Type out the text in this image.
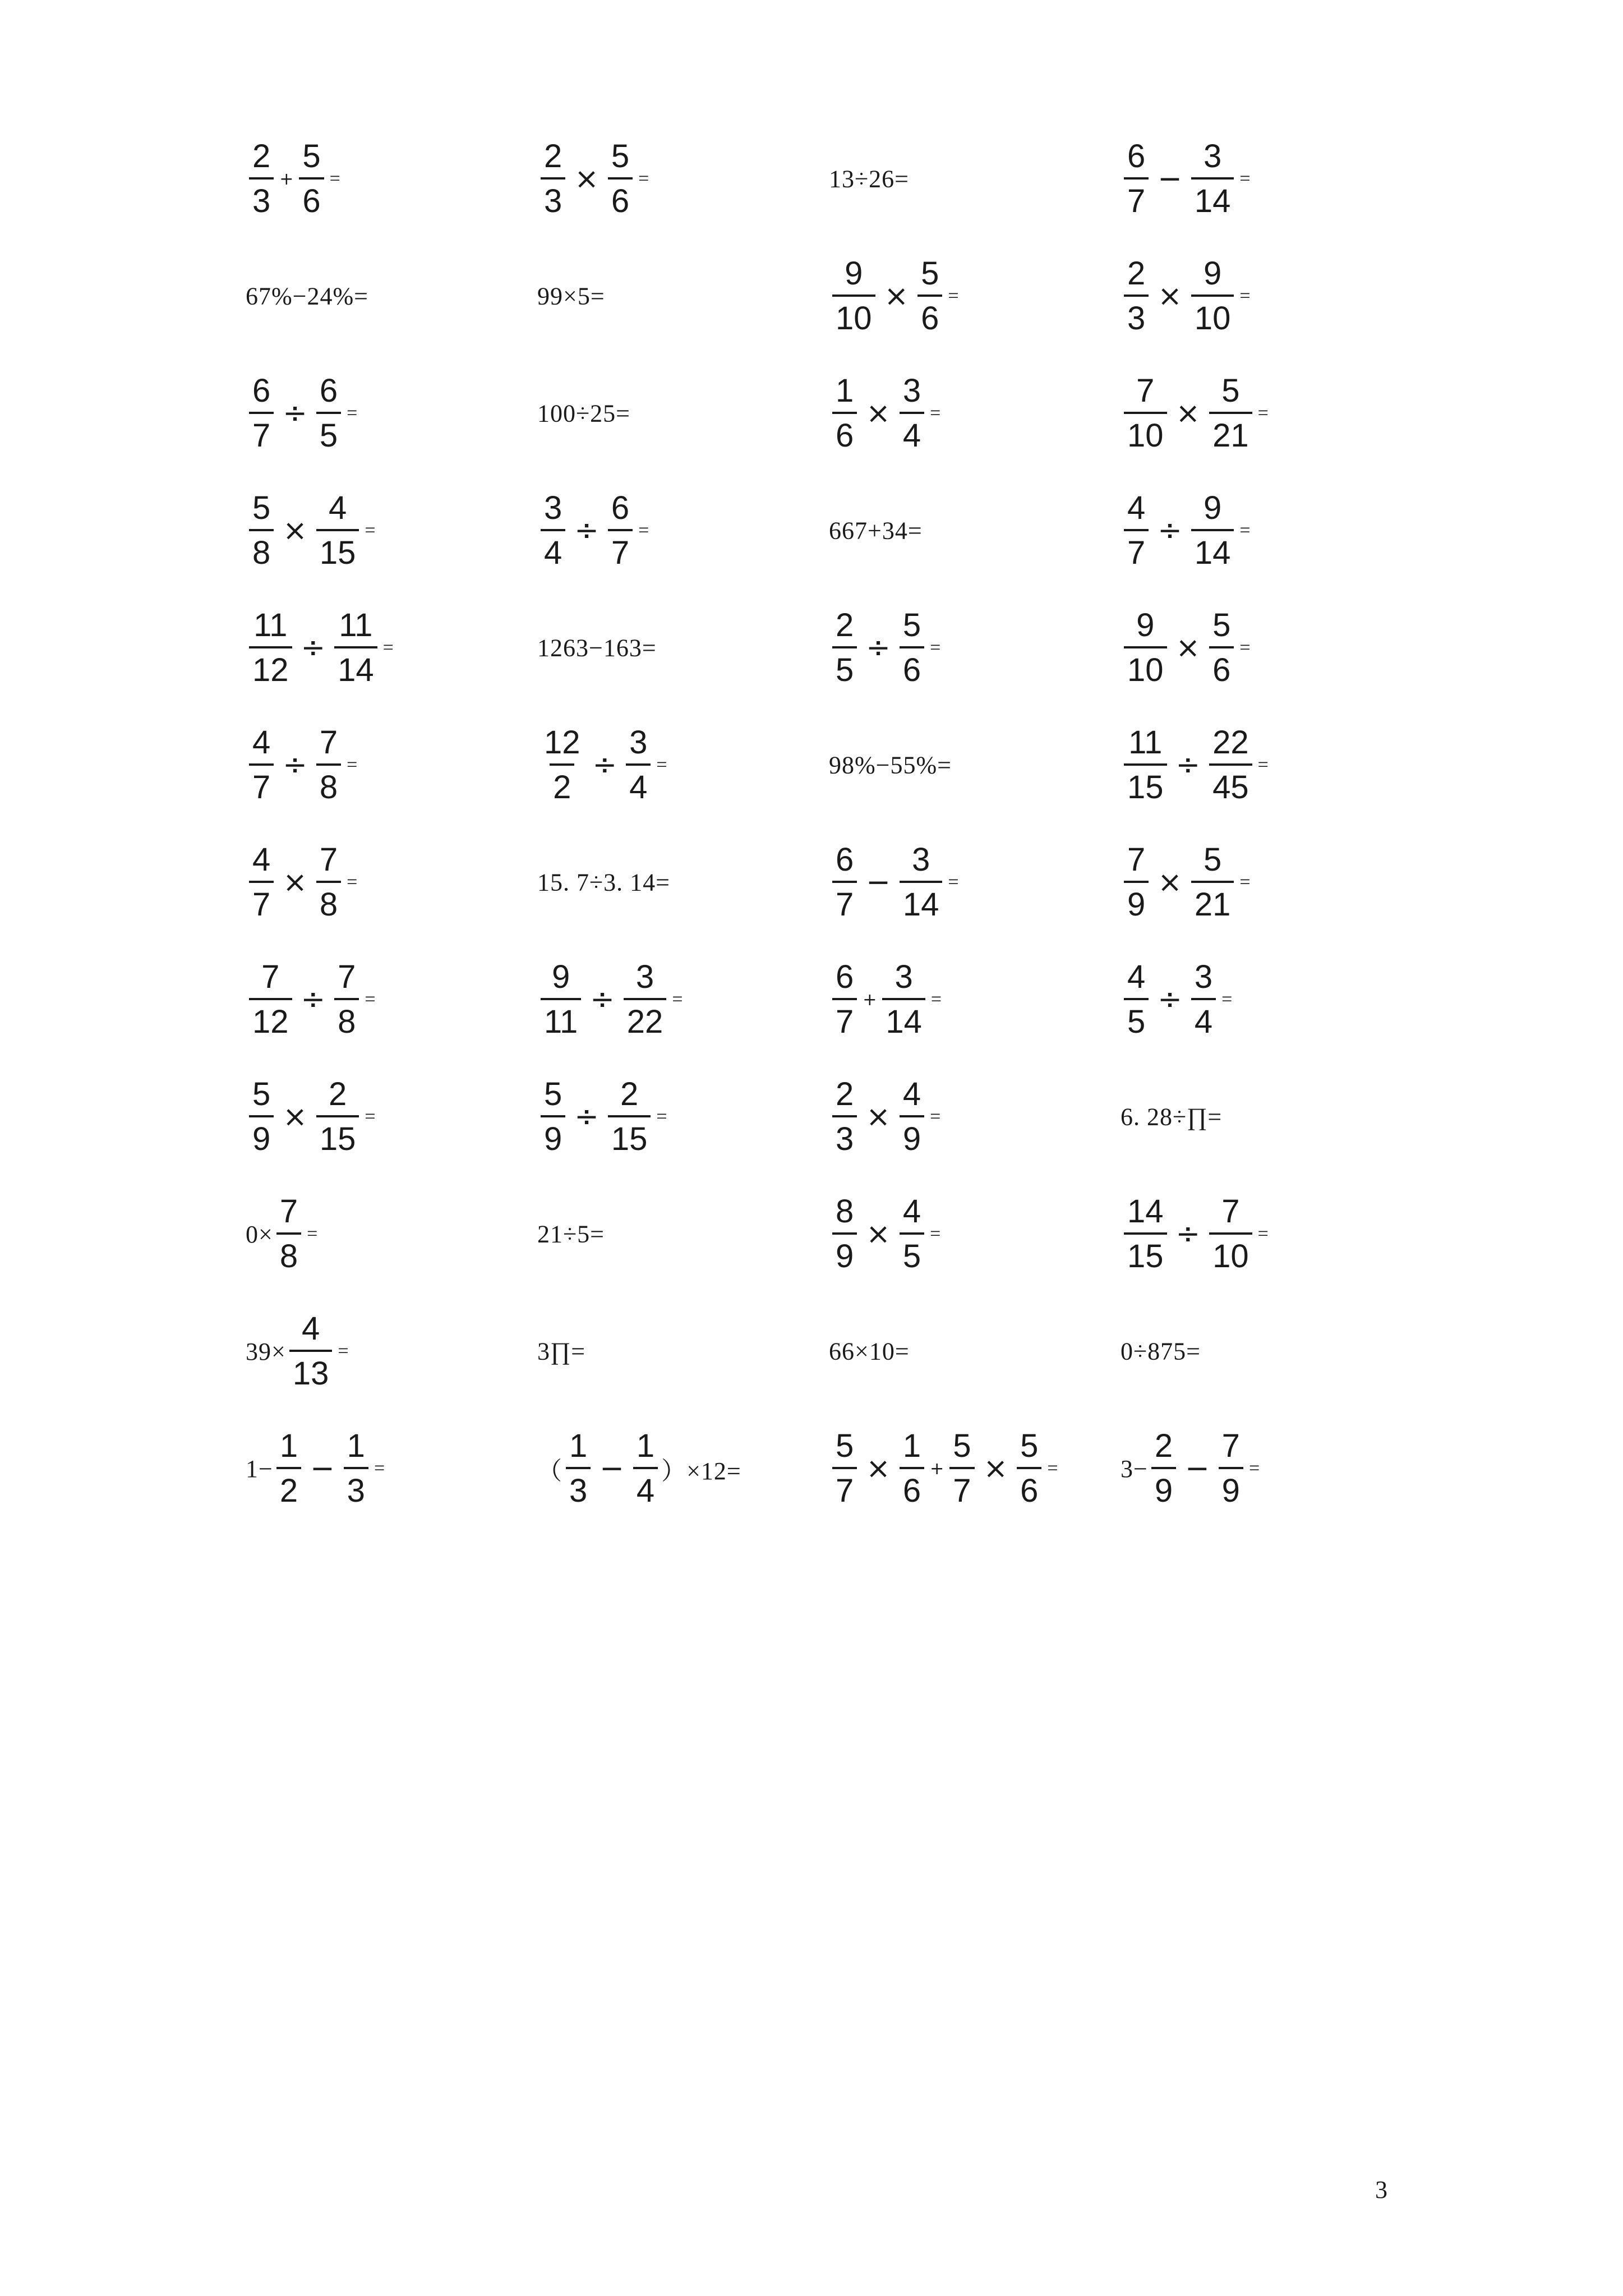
$\frac{2}{3} + \frac{5}{6}$ =	$\frac{2}{3} \times \frac{5}{6}$ =	13÷26=	$\frac{6}{7} - \frac{3}{14}$ =
67%−24%=	99×5=	$\frac{9}{10} \times \frac{5}{6}$ =	$\frac{2}{3} \times \frac{9}{10}$ =
$\frac{6}{7} \div \frac{6}{5}$ =	100÷25=	$\frac{1}{6} \times \frac{3}{4}$ =	$\frac{7}{10} \times \frac{5}{21}$ =
$\frac{5}{8} \times \frac{4}{15}$ =	$\frac{3}{4} \div \frac{6}{7}$ =	667+34=	$\frac{4}{7} \div \frac{9}{14}$ =
$\frac{11}{12} \div \frac{11}{14}$ =	1263−163=	$\frac{2}{5} \div \frac{5}{6}$ =	$\frac{9}{10} \times \frac{5}{6}$ =
$\frac{4}{7} \div \frac{7}{8}$ =	$\frac{12}{2} \div \frac{3}{4}$ =	98%−55%=	$\frac{11}{15} \div \frac{22}{45}$ =
$\frac{4}{7} \times \frac{7}{8}$ =	15. 7÷3. 14=	$\frac{6}{7} - \frac{3}{14}$ =	$\frac{7}{9} \times \frac{5}{21}$ =
$\frac{7}{12} \div \frac{7}{8}$ =	$\frac{9}{11} \div \frac{3}{22}$ =	$\frac{6}{7} + \frac{3}{14}$ =	$\frac{4}{5} \div \frac{3}{4}$ =
$\frac{5}{9} \times \frac{2}{15}$ =	$\frac{5}{9} \div \frac{2}{15}$ =	$\frac{2}{3} \times \frac{4}{9}$ =	6. 28÷∏=
$0\times \frac{7}{8}$ =	21÷5=	$\frac{8}{9} \times \frac{4}{5}$ =	$\frac{14}{15} \div \frac{7}{10}$ =
$39\times \frac{4}{13}$ =	3∏=	66×10=	0÷875=
$1- \frac{1}{2} - \frac{1}{3}$ =	（ $\frac{1}{3} - \frac{1}{4} )\times 12=$	$\frac{5}{7} \times \frac{1}{6} + \frac{5}{7} \times \frac{5}{6}$ =	$3- \frac{2}{9} - \frac{7}{9}$ =
3
